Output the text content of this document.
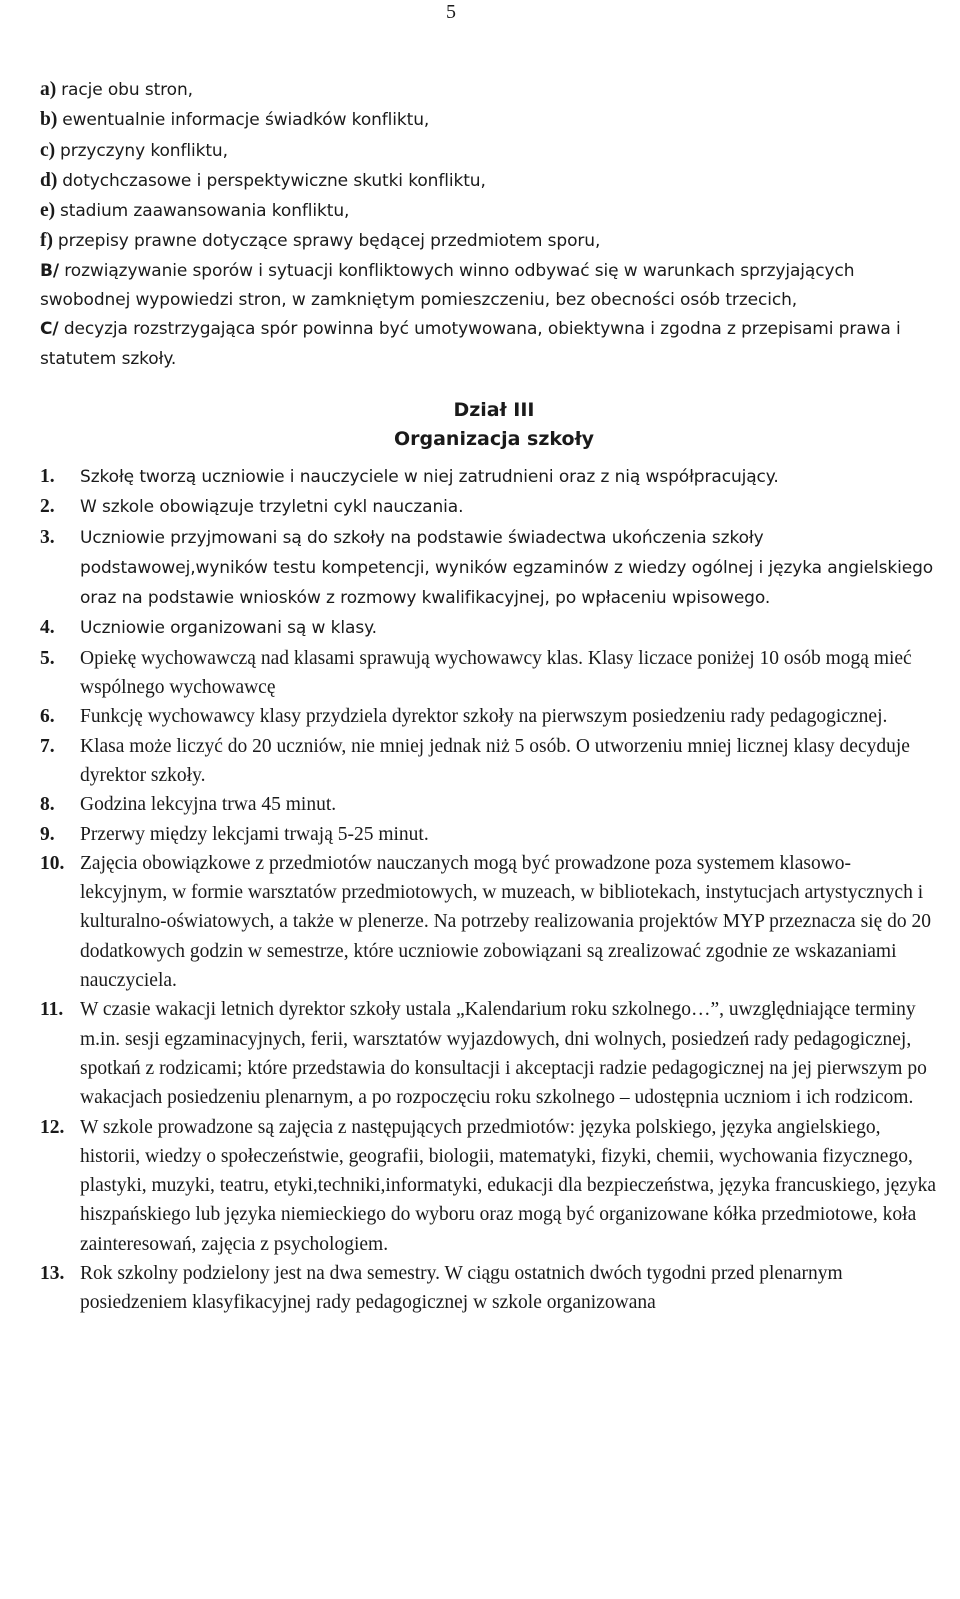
5
a) racje obu stron,
b) ewentualnie informacje świadków konfliktu,
c) przyczyny konfliktu,
d) dotychczasowe i perspektywiczne skutki konfliktu,
e) stadium zaawansowania konfliktu,
f) przepisy prawne dotyczące sprawy będącej przedmiotem sporu,
B/ rozwiązywanie sporów i sytuacji konfliktowych winno odbywać się w warunkach sprzyjających swobodnej wypowiedzi stron, w zamkniętym pomieszczeniu, bez obecności osób trzecich,
C/ decyzja rozstrzygająca spór powinna być umotywowana, obiektywna i zgodna z przepisami prawa i statutem szkoły.

Dział III

Organizacja szkoły

1. Szkołę tworzą uczniowie i nauczyciele w niej zatrudnieni oraz z nią współpracujący.
2. W szkole obowiązuje trzyletni cykl nauczania.
3. Uczniowie przyjmowani są do szkoły na podstawie świadectwa ukończenia szkoły podstawowej,wyników testu kompetencji, wyników egzaminów z wiedzy ogólnej i języka angielskiego oraz na podstawie wniosków z rozmowy kwalifikacyjnej, po wpłaceniu wpisowego.
4. Uczniowie organizowani są w klasy.
5. Opiekę wychowawczą nad klasami sprawują wychowawcy klas. Klasy liczace poniżej 10 osób mogą mieć wspólnego wychowawcę
6. Funkcję wychowawcy klasy przydziela dyrektor szkoły na pierwszym posiedzeniu rady pedagogicznej.
7. Klasa może liczyć do 20 uczniów, nie mniej jednak niż 5 osób. O utworzeniu mniej licznej klasy decyduje dyrektor szkoły.
8. Godzina lekcyjna trwa 45 minut.
9. Przerwy między lekcjami trwają 5-25 minut.
10. Zajęcia obowiązkowe z przedmiotów nauczanych mogą być prowadzone poza systemem klasowo-lekcyjnym, w formie warsztatów przedmiotowych, w muzeach, w bibliotekach, instytucjach artystycznych i kulturalno-oświatowych, a także w plenerze. Na potrzeby realizowania projektów MYP przeznacza się do 20 dodatkowych godzin w semestrze, które uczniowie zobowiązani są zrealizować zgodnie ze wskazaniami nauczyciela.
11. W czasie wakacji letnich dyrektor szkoły ustala „Kalendarium roku szkolnego…”, uwzględniające terminy m.in. sesji egzaminacyjnych, ferii, warsztatów wyjazdowych, dni wolnych, posiedzeń rady pedagogicznej, spotkań z rodzicami; które przedstawia do konsultacji i akceptacji radzie pedagogicznej na jej pierwszym po wakacjach posiedzeniu plenarnym, a po rozpoczęciu roku szkolnego – udostępnia uczniom i ich rodzicom.
12. W szkole prowadzone są zajęcia z następujących przedmiotów: języka polskiego, języka angielskiego, historii, wiedzy o społeczeństwie, geografii, biologii, matematyki, fizyki, chemii, wychowania fizycznego, plastyki, muzyki, teatru, etyki,techniki,informatyki, edukacji dla bezpieczeństwa, języka francuskiego, języka hiszpańskiego lub języka niemieckiego do wyboru oraz mogą być organizowane kółka przedmiotowe, koła zainteresowań, zajęcia z psychologiem.
13. Rok szkolny podzielony jest na dwa semestry. W ciągu ostatnich dwóch tygodni przed plenarnym posiedzeniem klasyfikacyjnej rady pedagogicznej w szkole organizowana
